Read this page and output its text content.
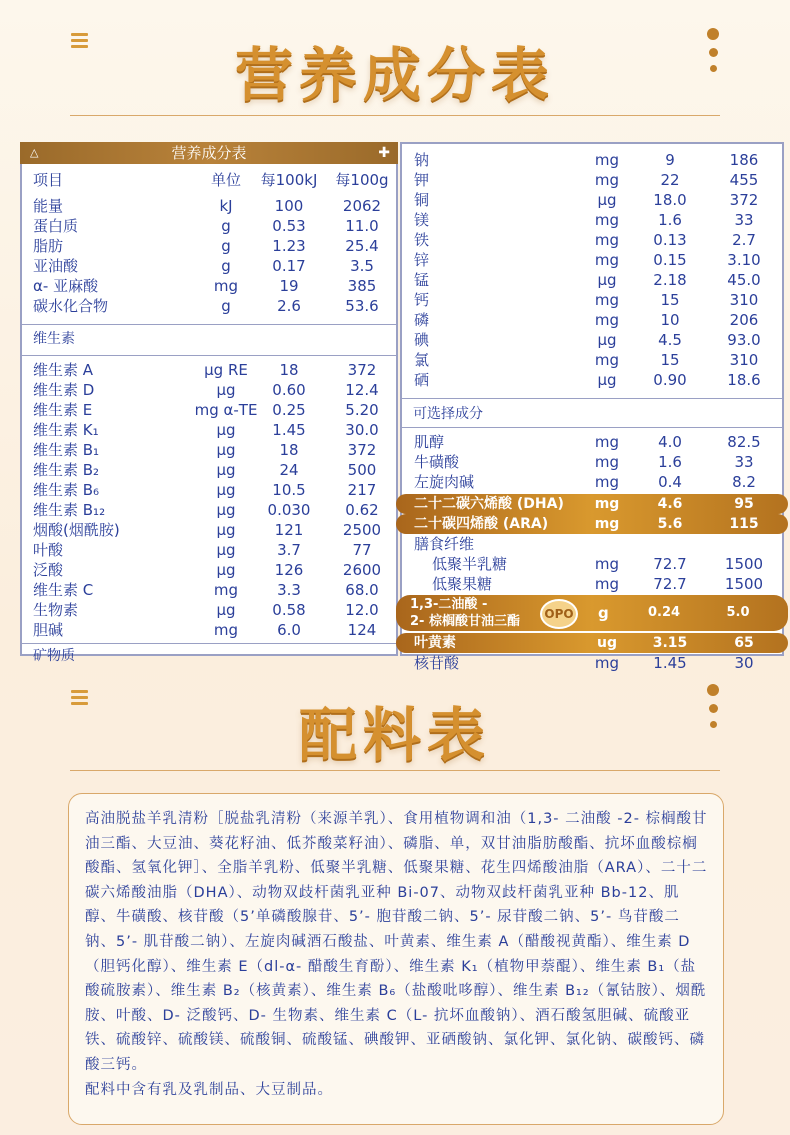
营养成分表
△	营养成分表	✚
项目	单位 每100kJ 每100g
能量	kJ	100	2062
蛋白质	g	0.53	11.0
脂肪	g	1.23	25.4
亚油酸	g	0.17	3.5
α- 亚麻酸	mg	19	385
碳水化合物	g	2.6	53.6
维生素
维生素 A	μg RE 18	372
维生素 D	μg 0.60	12.4
维生素 E	mg α-TE 0.25	5.20
维生素 K₁	μg 1.45	30.0
维生素 B₁	μg	18	372
维生素 B₂	μg	24	500
维生素 B₆	μg 10.5	217
维生素 B₁₂	μg 0.030 0.62
烟酸(烟酰胺)	μg	121	2500
叶酸	μg	3.7	77
泛酸	μg	126	2600
维生素 C	mg	3.3	68.0
生物素	μg 0.58	12.0
胆碱	mg	6.0	124
矿物质
钠	mg	9	186
钾	mg	22	455
铜	μg 18.0	372
镁	mg	1.6	33
铁	mg 0.13	2.7
锌	mg 0.15	3.10
锰	μg 2.18	45.0
钙	mg	15	310
磷	mg	10	206
碘	μg	4.5	93.0
氯	mg	15	310
硒	μg 0.90	18.6
可选择成分
肌醇	mg	4.0	82.5
牛磺酸	mg	1.6	33
左旋肉碱	mg	0.4	8.2
二十二碳六烯酸 (DHA) mg	4.6	95
二十碳四烯酸 (ARA)	mg	5.6	115
膳食纤维
低聚半乳糖	mg 72.7	1500
低聚果糖	mg 72.7	1500
1,3-二油酸 -
2- 棕榈酸甘油三酯	OPO g	0.24	5.0
叶黄素	ug	3.15	65
核苷酸	mg 1.45	30
配料表

高油脱盐羊乳清粉［脱盐乳清粉（来源羊乳）、食用植物调和油（1,3- 二油酸 -2- 棕榈酸甘油三酯、大豆油、葵花籽油、低芥酸菜籽油）、磷脂、单，双甘油脂肪酸酯、抗坏血酸棕榈酸酯、氢氧化钾］、全脂羊乳粉、低聚半乳糖、低聚果糖、花生四烯酸油脂（ARA）、二十二碳六烯酸油脂（DHA）、动物双歧杆菌乳亚种 Bi-07、动物双歧杆菌乳亚种 Bb-12、肌醇、牛磺酸、核苷酸（5’单磷酸腺苷、5’- 胞苷酸二钠、5’- 尿苷酸二钠、5’- 鸟苷酸二钠、5’- 肌苷酸二钠）、左旋肉碱酒石酸盐、叶黄素、维生素 A（醋酸视黄酯）、维生素 D（胆钙化醇）、维生素 E（dl-α- 醋酸生育酚）、维生素 K₁（植物甲萘醌）、维生素 B₁（盐酸硫胺素）、维生素 B₂（核黄素）、维生素 B₆（盐酸吡哆醇）、维生素 B₁₂（氰钴胺）、烟酰胺、叶酸、D- 泛酸钙、D- 生物素、维生素 C（L- 抗坏血酸钠）、酒石酸氢胆碱、硫酸亚铁、硫酸锌、硫酸镁、硫酸铜、硫酸锰、碘酸钾、亚硒酸钠、氯化钾、氯化钠、碳酸钙、磷酸三钙。

配料中含有乳及乳制品、大豆制品。
